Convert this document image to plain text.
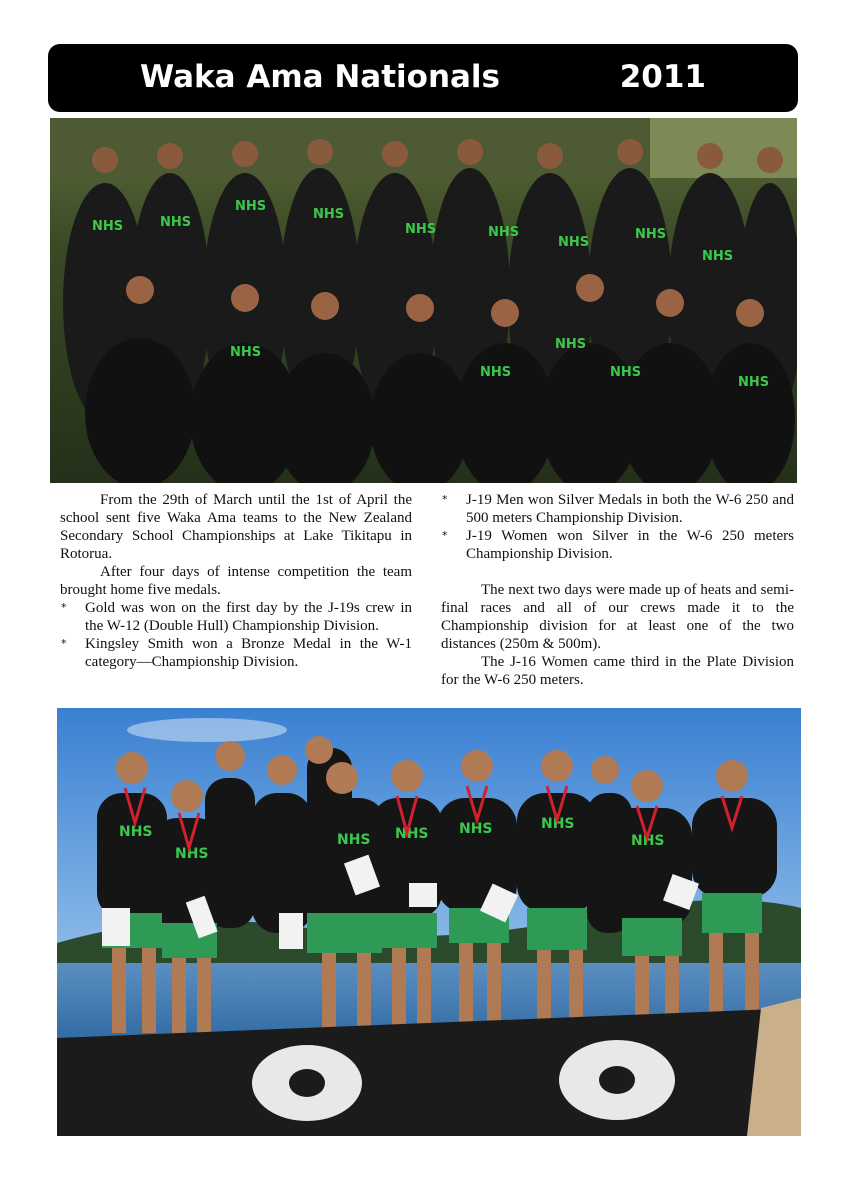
Waka Ama Nationals	2011
NHS	NHS
NHS
NHS
NHS	NHS
NHS
NHS
NHS
NHS
NHS
NHS
NHS
NHS

From the 29th of March until the 1st of April the school sent five Waka Ama teams to the New Zealand Secondary School Championships at Lake Tikitapu in Rotorua.

After four days of intense competition the team brought home five medals.

* Gold was won on the first day by the J-19s crew in the W-12 (Double Hull) Championship Division.
* Kingsley Smith won a Bronze Medal in the W-1 category—Championship Division.
* J-19 Men won Silver Medals in both the W-6 250 and 500 meters Championship Division.
* J-19 Women won Silver in the W-6 250 meters Championship Division.

The next two days were made up of heats and semi-final races and all of our crews made it to the Championship division for at least one of the two distances (250m & 500m).

The J-16 Women came third in the Plate Division for the W-6 250 meters.

NHS
NHS
NHS NHS NHS	NHS
NHS
